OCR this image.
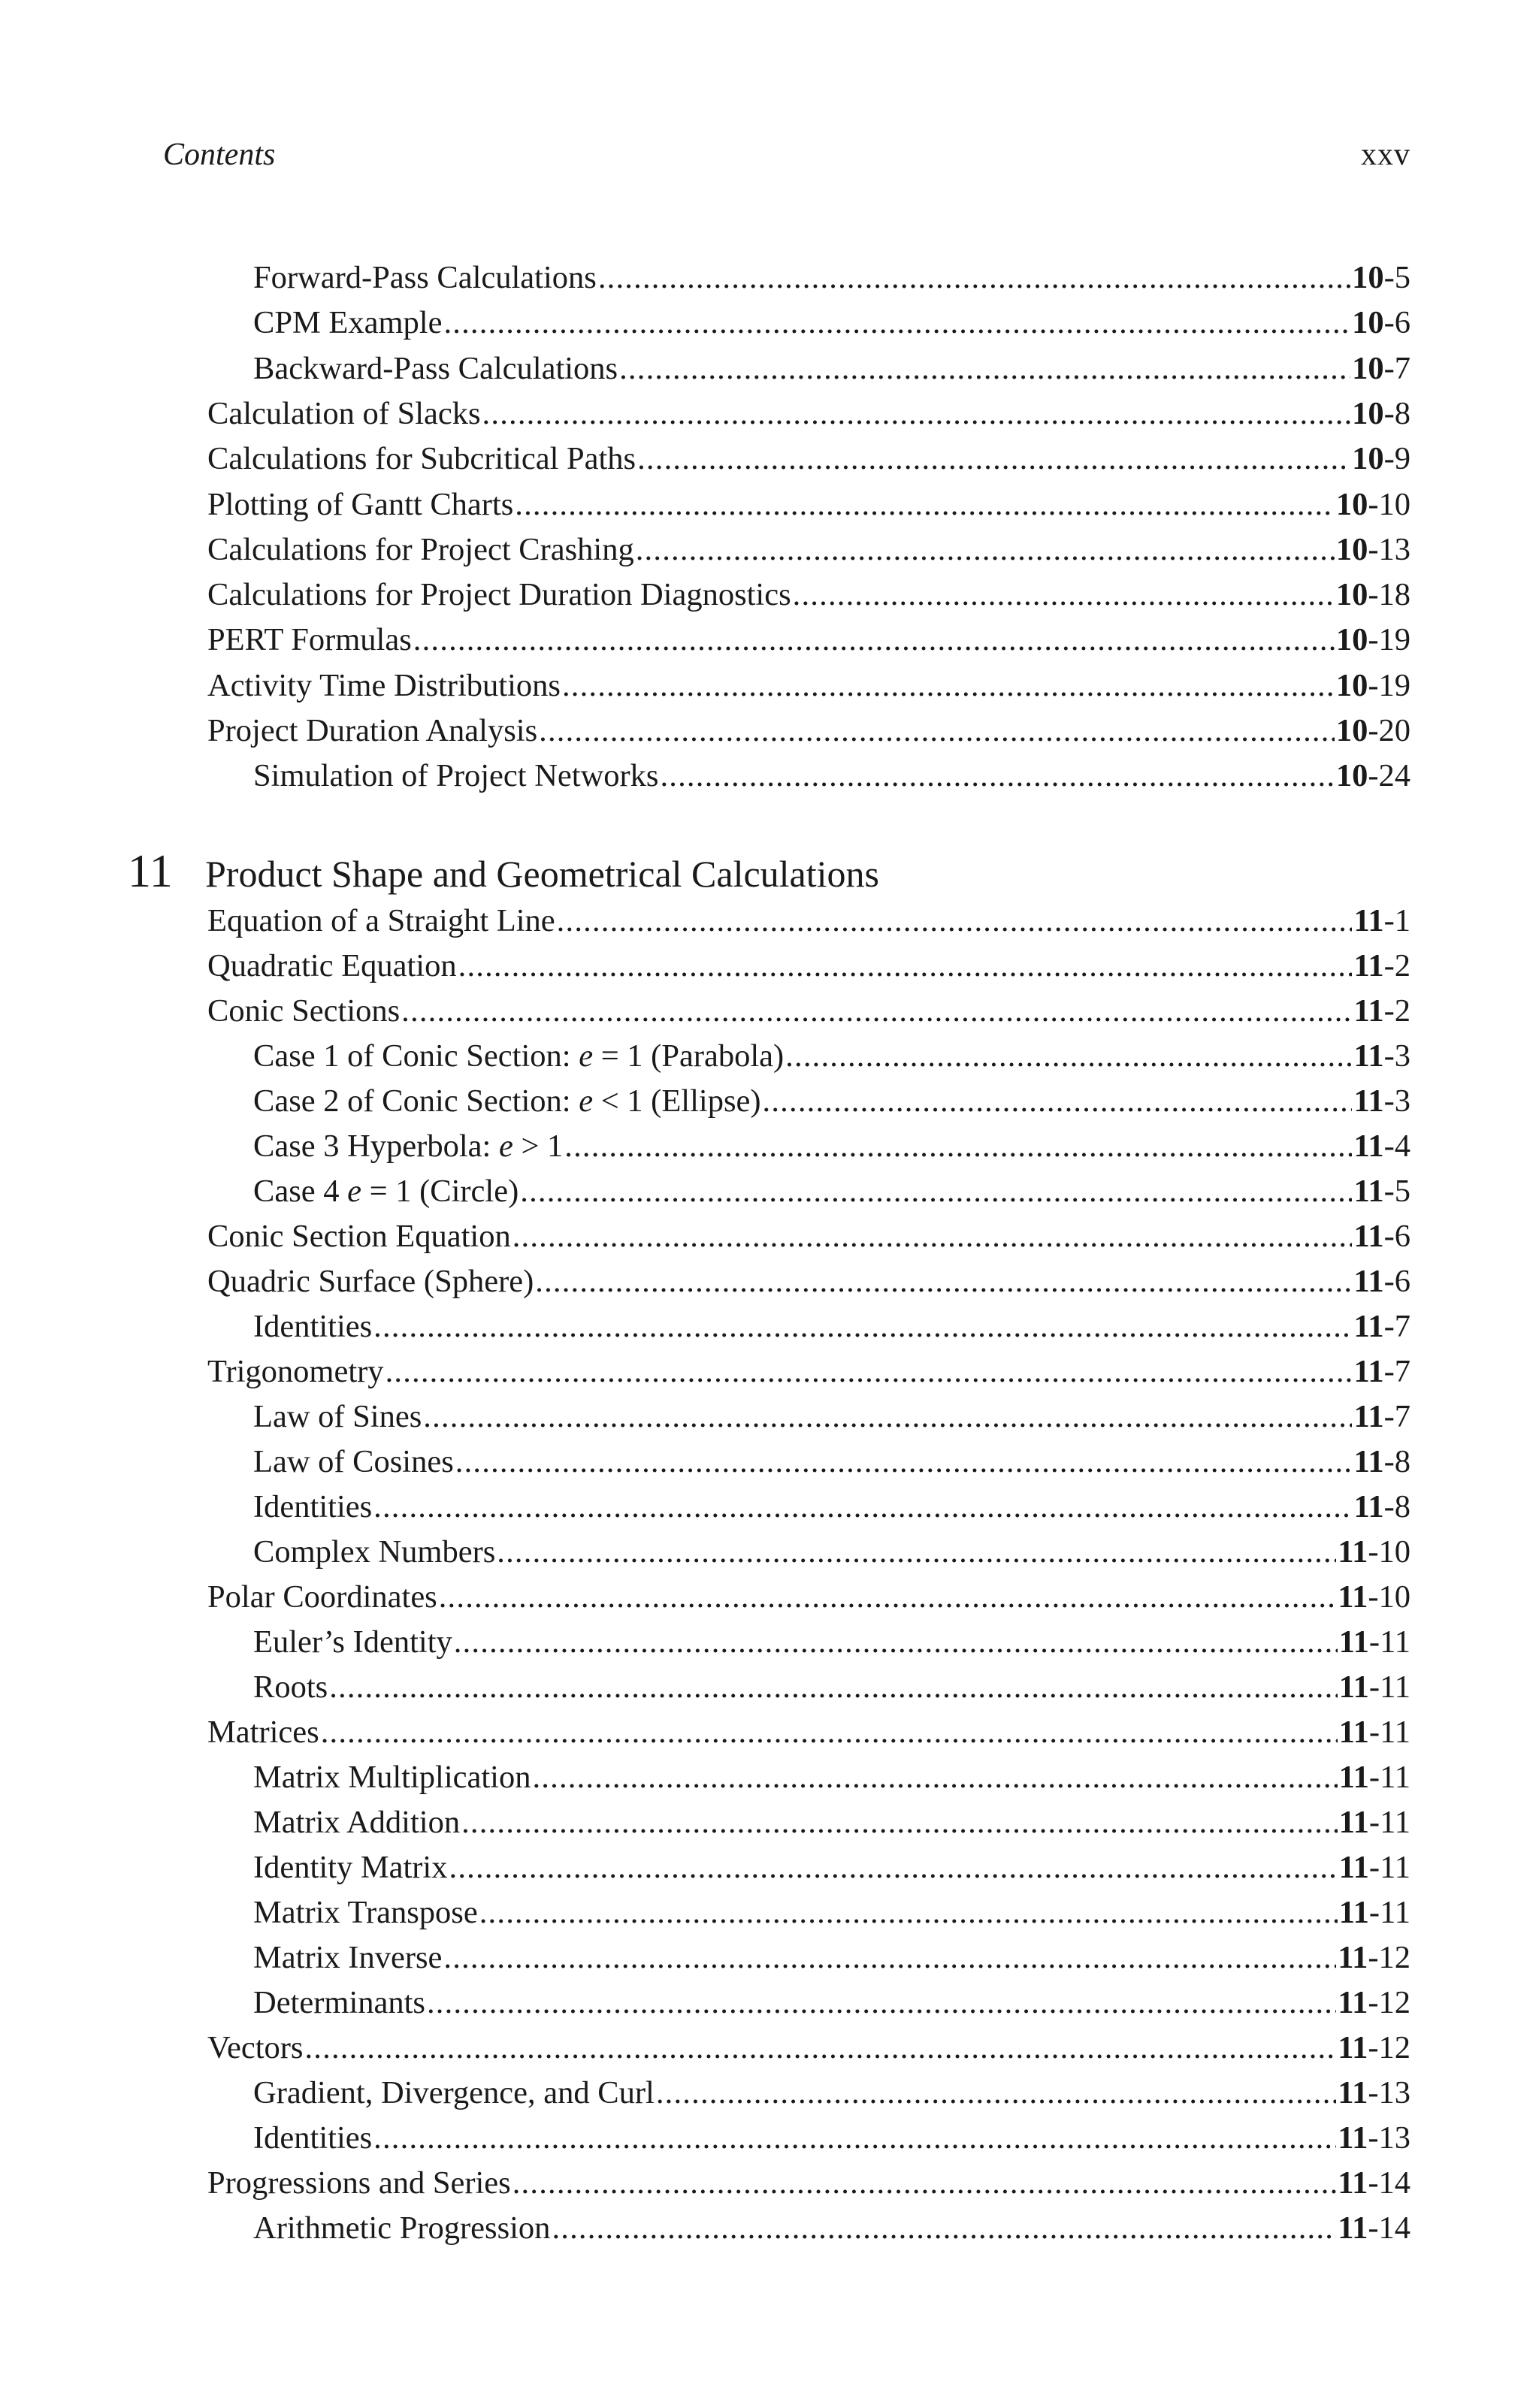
Contents	xxv
Forward-Pass Calculations .....	10-5
CPM Example .....	10-6
Backward-Pass Calculations .....	10-7
Calculation of Slacks .....	10-8
Calculations for Subcritical Paths .....	10-9
Plotting of Gantt Charts .....	10-10
Calculations for Project Crashing .....	10-13
Calculations for Project Duration Diagnostics .....	10-18
PERT Formulas .....	10-19
Activity Time Distributions .....	10-19
Project Duration Analysis .....	10-20
Simulation of Project Networks .....	10-24
Equation of a Straight Line .....	11-1
Quadratic Equation .....	11-2
Conic Sections .....	11-2
Case 1 of Conic Section: e = 1 (Parabola) .....	11-3
Case 2 of Conic Section: e < 1 (Ellipse) .....	11-3
Case 3 Hyperbola: e > 1 .....	11-4
Case 4 e = 1 (Circle) .....	11-5
Conic Section Equation .....	11-6
Quadric Surface (Sphere) .....	11-6
Identities .....	11-7
Trigonometry .....	11-7
Law of Sines .....	11-7
Law of Cosines .....	11-8
Identities .....	11-8
Complex Numbers .....	11-10
Polar Coordinates .....	11-10
Euler’s Identity .....	11-11
Roots .....	11-11
Matrices .....	11-11
Matrix Multiplication .....	11-11
Matrix Addition .....	11-11
Identity Matrix .....	11-11
Matrix Transpose .....	11-11
Matrix Inverse .....	11-12
Determinants .....	11-12
Vectors .....	11-12
Gradient, Divergence, and Curl .....	11-13
Identities .....	11-13
Progressions and Series .....	11-14
Arithmetic Progression .....	11-14
11 Product Shape and Geometrical Calculations
